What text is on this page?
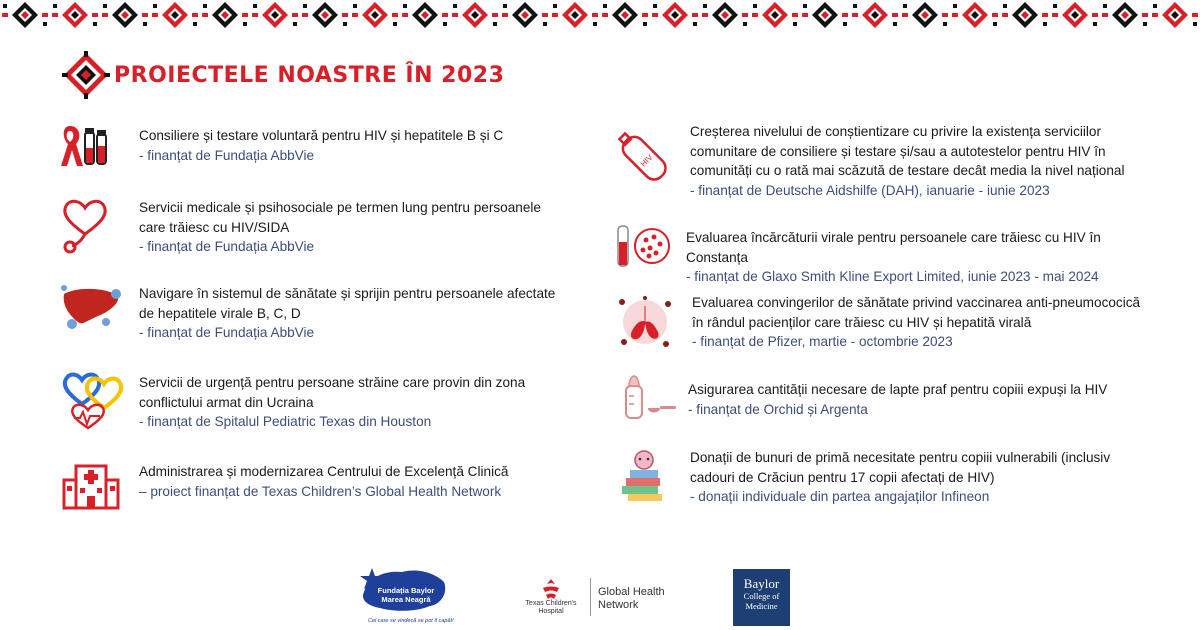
PROIECTELE NOASTRE ÎN 2023
Consiliere și testare voluntară pentru HIV și hepatitele B și C
- finanțat de Fundația AbbVie
Servicii medicale și psihosociale pe termen lung pentru persoanele care trăiesc cu HIV/SIDA
- finanțat de Fundația AbbVie
Navigare în sistemul de sănătate și sprijin pentru persoanele afectate de hepatitele virale B, C, D
- finanțat de Fundația AbbVie
Servicii de urgență pentru persoane străine care provin din zona conflictului armat din Ucraina
- finanțat de Spitalul Pediatric Texas din Houston
Administrarea și modernizarea Centrului de Excelență Clinică
– proiect finanțat de Texas Children’s Global Health Network
HIV
Creșterea nivelului de conștientizare cu privire la existența serviciilor comunitare de consiliere și testare și/sau a autotestelor pentru HIV în comunități cu o rată mai scăzută de testare decât media la nivel național
- finanțat de Deutsche Aidshilfe (DAH), ianuarie - iunie 2023
Evaluarea încărcăturii virale pentru persoanele care trăiesc cu HIV în Constanța
- finanțat de Glaxo Smith Kline Export Limited, iunie 2023 - mai 2024
Evaluarea convingerilor de sănătate privind vaccinarea anti-pneumococică în rândul pacienților care trăiesc cu HIV și hepatită virală
- finanțat de Pfizer, martie - octombrie 2023
Asigurarea cantității necesare de lapte praf pentru copiii expuși la HIV
- finanțat de Orchid și Argenta
Donații de bunuri de primă necesitate pentru copiii vulnerabili (inclusiv cadouri de Crăciun pentru 17 copii afectați de HIV)
- donații individuale din partea angajaților Infineon
Fundația Baylor
Marea Neagră
Cei care se vindecă se pot îl capăt!
Texas Children's
Hospital
Global Health
Network
Baylor
College of
Medicine
